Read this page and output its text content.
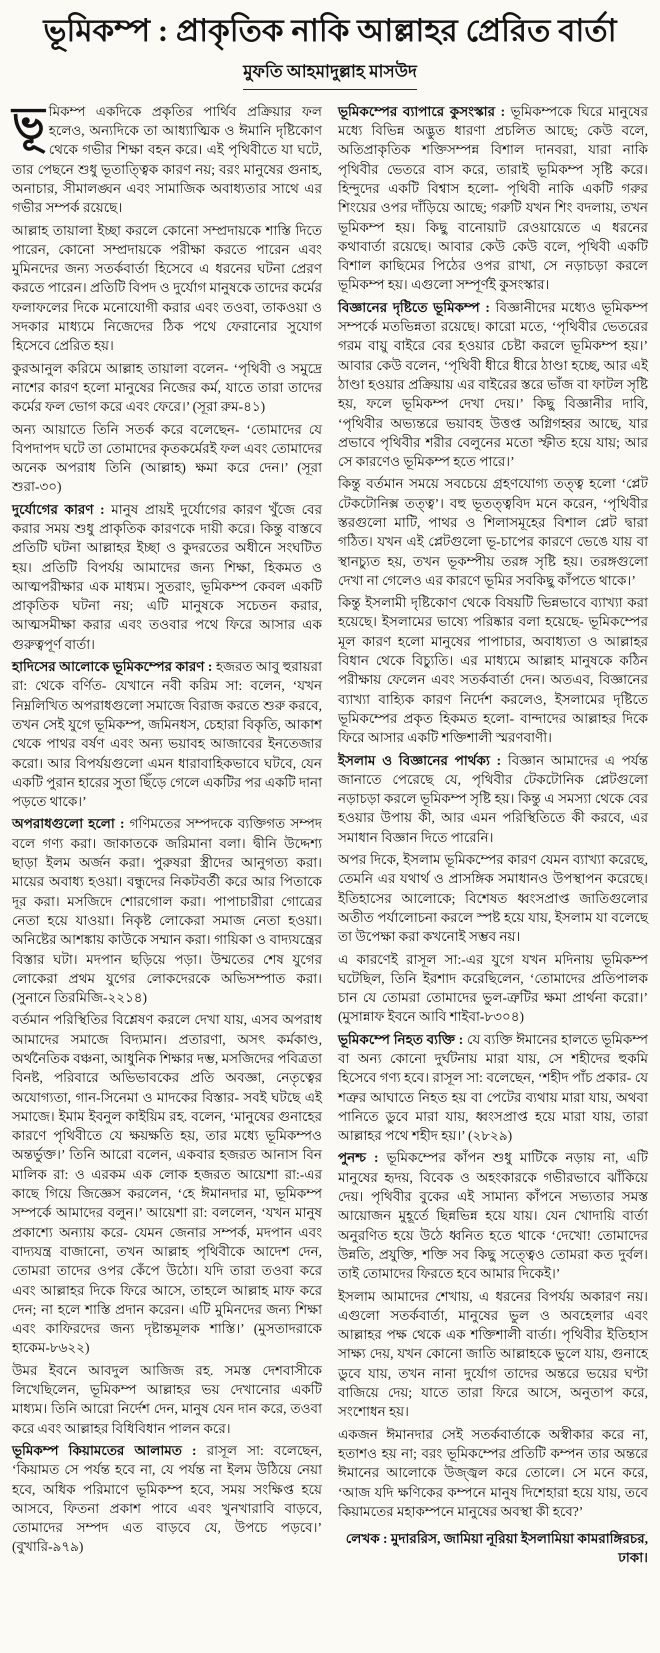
ভূমিকম্প : প্রাকৃতিক নাকি আল্লাহর প্রেরিত বার্তা
মুফতি আহমাদুল্লাহ মাসউদ

ভূমিকম্প একদিকে প্রকৃতির পার্থিব প্রক্রিয়ার ফল হলেও, অন্যদিকে তা আধ্যাত্মিক ও ঈমানি দৃষ্টিকোণ থেকে গভীর শিক্ষা বহন করে। এই পৃথিবীতে যা ঘটে, তার পেছনে শুধু ভূতাত্ত্বিক কারণ নয়; বরং মানুষের গুনাহ, অনাচার, সীমালঙ্ঘন এবং সামাজিক অবাধ্যতার সাথে এর গভীর সম্পর্ক রয়েছে।

আল্লাহ তায়ালা ইচ্ছা করলে কোনো সম্প্রদায়কে শাস্তি দিতে পারেন, কোনো সম্প্রদায়কে পরীক্ষা করতে পারেন এবং মুমিনদের জন্য সতর্কবার্তা হিসেবে এ ধরনের ঘটনা প্রেরণ করতে পারেন। প্রতিটি বিপদ ও দুর্যোগ মানুষকে তাদের কর্মের ফলাফলের দিকে মনোযোগী করার এবং তওবা, তাকওয়া ও সদকার মাধ্যমে নিজেদের ঠিক পথে ফেরানোর সুযোগ হিসেবে প্রেরিত হয়।

কুরআনুল করিমে আল্লাহ তায়ালা বলেন- ‘পৃথিবী ও সমুদ্রে নাশের কারণ হলো মানুষের নিজের কর্ম, যাতে তারা তাদের কর্মের ফল ভোগ করে এবং ফেরে।’ (সূরা রুম-৪১)

অন্য আয়াতে তিনি সতর্ক করে বলেছেন- ‘তোমাদের যে বিপদাপদ ঘটে তা তোমাদের কৃতকর্মেরই ফল এবং তোমাদের অনেক অপরাধ তিনি (আল্লাহ) ক্ষমা করে দেন।’ (সূরা শুরা-৩০)

দুর্যোগের কারণ : মানুষ প্রায়ই দুর্যোগের কারণ খুঁজে বের করার সময় শুধু প্রাকৃতিক কারণকে দায়ী করে। কিন্তু বাস্তবে প্রতিটি ঘটনা আল্লাহর ইচ্ছা ও কুদরতের অধীনে সংঘটিত হয়। প্রতিটি বিপর্যয় আমাদের জন্য শিক্ষা, হিকমত ও আত্মপরীক্ষার এক মাধ্যম। সুতরাং, ভূমিকম্প কেবল একটি প্রাকৃতিক ঘটনা নয়; এটি মানুষকে সচেতন করার, আত্মসমীক্ষা করার এবং তওবার পথে ফিরে আসার এক গুরুত্বপূর্ণ বার্তা।

হাদিসের আলোকে ভূমিকম্পের কারণ : হজরত আবু হুরায়রা রা: থেকে বর্ণিত- যেখানে নবী করিম সা: বলেন, ‘যখন নিম্নলিখিত অপরাধগুলো সমাজে বিরাজ করতে শুরু করবে, তখন সেই যুগে ভূমিকম্প, জমিনধস, চেহারা বিকৃতি, আকাশ থেকে পাথর বর্ষণ এবং অন্য ভয়াবহ আজাবের ইনতেজার করো। আর বিপর্যয়গুলো এমন ধারাবাহিকভাবে ঘটবে, যেন একটি পুরান হারের সুতা ছিঁড়ে গেলে একটির পর একটি দানা পড়তে থাকে।’

অপরাধগুলো হলো : গণিমতের সম্পদকে ব্যক্তিগত সম্পদ বলে গণ্য করা। জাকাতকে জরিমানা বলা। দ্বীনি উদ্দেশ্য ছাড়া ইলম অর্জন করা। পুরুষরা স্ত্রীদের আনুগত্য করা। মায়ের অবাধ্য হওয়া। বন্ধুদের নিকটবর্তী করে আর পিতাকে দূর করা। মসজিদে শোরগোল করা। পাপাচারীরা গোত্রের নেতা হয়ে যাওয়া। নিকৃষ্ট লোকেরা সমাজ নেতা হওয়া। অনিষ্টের আশঙ্কায় কাউকে সম্মান করা। গায়িকা ও বাদ্যযন্ত্রের বিস্তার ঘটা। মদপান ছড়িয়ে পড়া। উম্মতের শেষ যুগের লোকেরা প্রথম যুগের লোকদেরকে অভিসম্পাত করা। (সুনানে তিরমিজি-২২১৪)

বর্তমান পরিস্থিতির বিশ্লেষণ করলে দেখা যায়, এসব অপরাধ আমাদের সমাজে বিদ্যমান। প্রতারণা, অসৎ কর্মকাণ্ড, অর্থনৈতিক বঞ্চনা, আধুনিক শিক্ষার দম্ভ, মসজিদের পবিত্রতা বিনষ্ট, পরিবারে অভিভাবকের প্রতি অবজ্ঞা, নেতৃত্বের অযোগ্যতা, গান-সিনেমা ও মাদকের বিস্তার- সবই ঘটছে এই সমাজে। ইমাম ইবনুল কাইয়িম রহ. বলেন, ‘মানুষের গুনাহের কারণে পৃথিবীতে যে ক্ষয়ক্ষতি হয়, তার মধ্যে ভূমিকম্পও অন্তর্ভুক্ত।’ তিনি আরো বলেন, একবার হজরত আনাস বিন মালিক রা: ও এরকম এক লোক হজরত আয়েশা রা:-এর কাছে গিয়ে জিজ্ঞেস করলেন, ‘হে ঈমানদার মা, ভূমিকম্প সম্পর্কে আমাদের বলুন।’ আয়েশা রা: বললেন, ‘যখন মানুষ প্রকাশ্যে অন্যায় করে- যেমন জেনার সম্পর্ক, মদপান এবং বাদ্যযন্ত্র বাজানো, তখন আল্লাহ পৃথিবীকে আদেশ দেন, তোমরা তাদের ওপর কেঁপে উঠো। যদি তারা তওবা করে এবং আল্লাহর দিকে ফিরে আসে, তাহলে আল্লাহ মাফ করে দেন; না হলে শাস্তি প্রদান করেন। এটি মুমিনদের জন্য শিক্ষা এবং কাফিরদের জন্য দৃষ্টান্তমূলক শাস্তি।’ (মুসতাদরাকে হাকেম-৮৬২২)

উমর ইবনে আবদুল আজিজ রহ. সমস্ত দেশবাসীকে লিখেছিলেন, ভূমিকম্প আল্লাহর ভয় দেখানোর একটি মাধ্যম। তিনি আরো নির্দেশ দেন, মানুষ যেন দান করে, তওবা করে এবং আল্লাহর বিধিবিধান পালন করে।

ভূমিকম্প কিয়ামতের আলামত : রাসূল সা: বলেছেন, ‘কিয়ামত সে পর্যন্ত হবে না, যে পর্যন্ত না ইলম উঠিয়ে নেয়া হবে, অধিক পরিমাণে ভূমিকম্প হবে, সময় সংক্ষিপ্ত হয়ে আসবে, ফিতনা প্রকাশ পাবে এবং খুনখারাবি বাড়বে, তোমাদের সম্পদ এত বাড়বে যে, উপচে পড়বে।’ (বুখারি-৯৭৯)

ভূমিকম্পের ব্যাপারে কুসংস্কার : ভূমিকম্পকে ঘিরে মানুষের মধ্যে বিভিন্ন অদ্ভুত ধারণা প্রচলিত আছে; কেউ বলে, অতিপ্রাকৃতিক শক্তিসম্পন্ন বিশাল দানবরা, যারা নাকি পৃথিবীর ভেতরে বাস করে, তারাই ভূমিকম্প সৃষ্টি করে। হিন্দুদের একটি বিশ্বাস হলো- পৃথিবী নাকি একটি গরুর শিংয়ের ওপর দাঁড়িয়ে আছে; গরুটি যখন শিং বদলায়, তখন ভূমিকম্প হয়। কিছু বানোয়াট রেওয়ায়েতে এ ধরনের কথাবার্তা রয়েছে। আবার কেউ কেউ বলে, পৃথিবী একটি বিশাল কাছিমের পিঠের ওপর রাখা, সে নড়াচড়া করলে ভূমিকম্প হয়। এগুলো সম্পূর্ণই কুসংস্কার।

বিজ্ঞানের দৃষ্টিতে ভূমিকম্প : বিজ্ঞানীদের মধ্যেও ভূমিকম্প সম্পর্কে মতভিন্নতা রয়েছে। কারো মতে, ‘পৃথিবীর ভেতরের গরম বায়ু বাইরে বের হওয়ার চেষ্টা করলে ভূমিকম্প হয়।’ আবার কেউ বলেন, ‘পৃথিবী ধীরে ধীরে ঠাণ্ডা হচ্ছে, আর এই ঠাণ্ডা হওয়ার প্রক্রিয়ায় এর বাইরের স্তরে ভাঁজ বা ফাটল সৃষ্টি হয়, ফলে ভূমিকম্প দেখা দেয়।’ কিছু বিজ্ঞানীর দাবি, ‘পৃথিবীর অভ্যন্তরে ভয়াবহ উত্তপ্ত অগ্নিগহ্বর আছে, যার প্রভাবে পৃথিবীর শরীর বেলুনের মতো স্ফীত হয়ে যায়; আর সে কারণেও ভূমিকম্প হতে পারে।’

কিন্তু বর্তমান সময়ে সবচেয়ে গ্রহণযোগ্য তত্ত্ব হলো ‘প্লেট টেকটোনিক্স তত্ত্ব’। বহু ভূতত্ত্ববিদ মনে করেন, ‘পৃথিবীর স্তরগুলো মাটি, পাথর ও শিলাসমূহের বিশাল প্লেট দ্বারা গঠিত। যখন এই প্লেটগুলো ভূ-চাপের কারণে ভেঙে যায় বা স্থানচ্যুত হয়, তখন ভূকম্পীয় তরঙ্গ সৃষ্টি হয়। তরঙ্গগুলো দেখা না গেলেও এর কারণে ভূমির সবকিছু কাঁপতে থাকে।’

কিন্তু ইসলামী দৃষ্টিকোণ থেকে বিষয়টি ভিন্নভাবে ব্যাখ্যা করা হয়েছে। ইসলামের ভাষ্যে পরিষ্কার বলা হয়েছে- ভূমিকম্পের মূল কারণ হলো মানুষের পাপাচার, অবাধ্যতা ও আল্লাহর বিধান থেকে বিচ্যুতি। এর মাধ্যমে আল্লাহ মানুষকে কঠিন পরীক্ষায় ফেলেন এবং সতর্কবার্তা দেন। অতএব, বিজ্ঞানের ব্যাখ্যা বাহ্যিক কারণ নির্দেশ করলেও, ইসলামের দৃষ্টিতে ভূমিকম্পের প্রকৃত হিকমত হলো- বান্দাদের আল্লাহর দিকে ফিরে আসার একটি শক্তিশালী স্মরণবাণী।

ইসলাম ও বিজ্ঞানের পার্থক্য : বিজ্ঞান আমাদের এ পর্যন্ত জানাতে পেরেছে যে, পৃথিবীর টেকটোনিক প্লেটগুলো নড়াচড়া করলে ভূমিকম্প সৃষ্টি হয়। কিন্তু এ সমস্যা থেকে বের হওয়ার উপায় কী, আর এমন পরিস্থিতিতে কী করবে, এর সমাধান বিজ্ঞান দিতে পারেনি।

অপর দিকে, ইসলাম ভূমিকম্পের কারণ যেমন ব্যাখ্যা করেছে, তেমনি এর যথার্থ ও প্রাসঙ্গিক সমাধানও উপস্থাপন করেছে। ইতিহাসের আলোকে; বিশেষত ধ্বংসপ্রাপ্ত জাতিগুলোর অতীত পর্যালোচনা করলে স্পষ্ট হয়ে যায়, ইসলাম যা বলেছে তা উপেক্ষা করা কখনোই সম্ভব নয়।

এ কারণেই রাসূল সা:-এর যুগে যখন মদিনায় ভূমিকম্প ঘটেছিল, তিনি ইরশাদ করেছিলেন, ‘তোমাদের প্রতিপালক চান যে তোমরা তোমাদের ভুল-ত্রুটির ক্ষমা প্রার্থনা করো।’ (মুসান্নাফ ইবনে আবি শাইবা-৮৩০৪)

ভূমিকম্পে নিহত ব্যক্তি : যে ব্যক্তি ঈমানের হালতে ভূমিকম্প বা অন্য কোনো দুর্ঘটনায় মারা যায়, সে শহীদের হুকমি হিসেবে গণ্য হবে। রাসূল সা: বলেছেন, ‘শহীদ পাঁচ প্রকার- যে শত্রুর আঘাতে নিহত হয় বা পেটের ব্যথায় মারা যায়, অথবা পানিতে ডুবে মারা যায়, ধ্বংসপ্রাপ্ত হয়ে মারা যায়, তারা আল্লাহর পথে শহীদ হয়।’ (২৮২৯)

পুনশ্চ : ভূমিকম্পের কাঁপন শুধু মাটিকে নড়ায় না, এটি মানুষের হৃদয়, বিবেক ও অহংকারকে গভীরভাবে ঝাঁকিয়ে দেয়। পৃথিবীর বুকের এই সামান্য কাঁপনে সভ্যতার সমস্ত আয়োজন মুহূর্তে ছিন্নভিন্ন হয়ে যায়। যেন খোদায়ি বার্তা অনুরণিত হয়ে উঠে ধ্বনিত হতে থাকে ‘দেখো! তোমাদের উন্নতি, প্রযুক্তি, শক্তি সব কিছু সত্ত্বেও তোমরা কত দুর্বল। তাই তোমাদের ফিরতে হবে আমার দিকেই।’

ইসলাম আমাদের শেখায়, এ ধরনের বিপর্যয় অকারণ নয়। এগুলো সতর্কবার্তা, মানুষের ভুল ও অবহেলার এবং আল্লাহর পক্ষ থেকে এক শক্তিশালী বার্তা। পৃথিবীর ইতিহাস সাক্ষ্য দেয়, যখন কোনো জাতি আল্লাহকে ভুলে যায়, গুনাহে ডুবে যায়, তখন নানা দুর্যোগ তাদের অন্তরে ভয়ের ঘণ্টা বাজিয়ে দেয়; যাতে তারা ফিরে আসে, অনুতাপ করে, সংশোধন হয়।

একজন ঈমানদার সেই সতর্কবার্তাকে অস্বীকার করে না, হতাশও হয় না; বরং ভূমিকম্পের প্রতিটি কম্পন তার অন্তরে ঈমানের আলোকে উজ্জ্বল করে তোলে। সে মনে করে, ‘আজ যদি ক্ষণিকের কম্পনে মানুষ দিশেহারা হয়ে যায়, তবে কিয়ামতের মহাকম্পনে মানুষের অবস্থা কী হবে?’

লেখক : মুদাররিস, জামিয়া নূরিয়া ইসলামিয়া কামরাঙ্গিরচর, ঢাকা।
